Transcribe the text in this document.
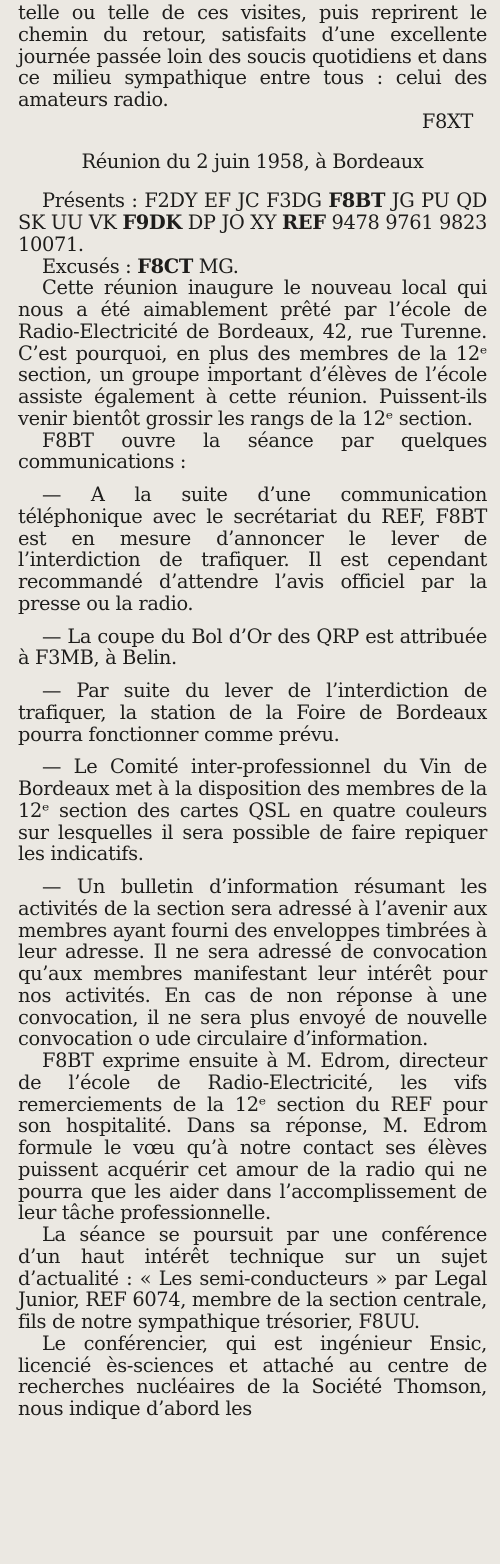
telle ou telle de ces visites, puis reprirent le chemin du retour, satisfaits d’une excellente journée passée loin des soucis quotidiens et dans ce milieu sympathique entre tous : celui des amateurs radio.

F8XT

Réunion du 2 juin 1958, à Bordeaux

Présents : F2DY EF JC F3DG F8BT JG PU QD SK UU VK F9DK DP JO XY REF 9478 9761 9823 10071.

Excusés : F8CT MG.

Cette réunion inaugure le nouveau local qui nous a été aimablement prêté par l’école de Radio-Electricité de Bordeaux, 42, rue Turenne. C’est pourquoi, en plus des membres de la 12ᵉ section, un groupe important d’élèves de l’école assiste également à cette réunion. Puissent-ils venir bientôt grossir les rangs de la 12ᵉ section.

F8BT ouvre la séance par quelques communications :

— A la suite d’une communication téléphonique avec le secrétariat du REF, F8BT est en mesure d’annoncer le lever de l’interdiction de trafiquer. Il est cependant recommandé d’attendre l’avis officiel par la presse ou la radio.

— La coupe du Bol d’Or des QRP est attribuée à F3MB, à Belin.

— Par suite du lever de l’interdiction de trafiquer, la station de la Foire de Bordeaux pourra fonctionner comme prévu.

— Le Comité inter-professionnel du Vin de Bordeaux met à la disposition des membres de la 12ᵉ section des cartes QSL en quatre couleurs sur lesquelles il sera possible de faire repiquer les indicatifs.

— Un bulletin d’information résumant les activités de la section sera adressé à l’avenir aux membres ayant fourni des enveloppes timbrées à leur adresse. Il ne sera adressé de convocation qu’aux membres manifestant leur intérêt pour nos activités. En cas de non réponse à une convocation, il ne sera plus envoyé de nouvelle convocation o ude circulaire d’information.

F8BT exprime ensuite à M. Edrom, directeur de l’école de Radio-Electricité, les vifs remerciements de la 12ᵉ section du REF pour son hospitalité. Dans sa réponse, M. Edrom formule le vœu qu’à notre contact ses élèves puissent acquérir cet amour de la radio qui ne pourra que les aider dans l’accomplissement de leur tâche professionnelle.

La séance se poursuit par une conférence d’un haut intérêt technique sur un sujet d’actualité : « Les semi-conducteurs » par Legal Junior, REF 6074, membre de la section centrale, fils de notre sympathique trésorier, F8UU.

Le conférencier, qui est ingénieur Ensic, licencié ès-sciences et attaché au centre de recherches nucléaires de la Société Thomson, nous indique d’abord les
